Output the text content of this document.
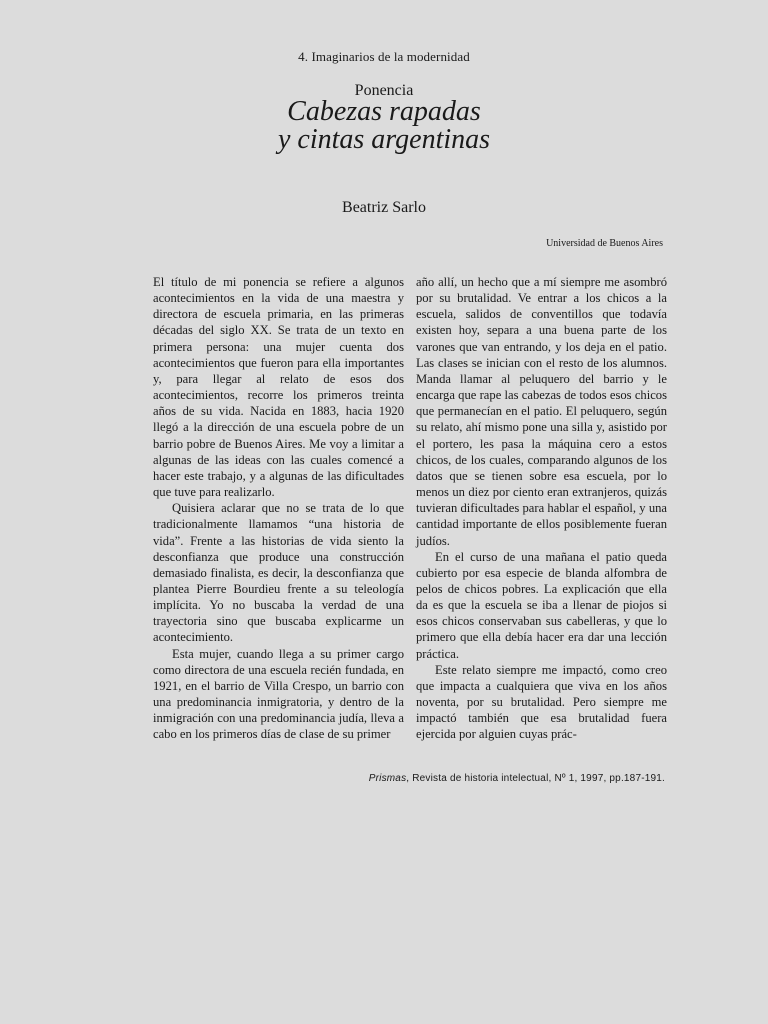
4. Imaginarios de la modernidad
Ponencia
Cabezas rapadas
y cintas argentinas
Beatriz Sarlo
Universidad de Buenos Aires

El título de mi ponencia se refiere a algunos acontecimientos en la vida de una maestra y directora de escuela primaria, en las primeras décadas del siglo XX. Se trata de un texto en primera persona: una mujer cuenta dos acontecimientos que fueron para ella importantes y, para llegar al relato de esos dos acontecimientos, recorre los primeros treinta años de su vida. Nacida en 1883, hacia 1920 llegó a la dirección de una escuela pobre de un barrio pobre de Buenos Aires. Me voy a limitar a algunas de las ideas con las cuales comencé a hacer este trabajo, y a algunas de las dificultades que tuve para realizarlo.

Quisiera aclarar que no se trata de lo que tradicionalmente llamamos “una historia de vida”. Frente a las historias de vida siento la desconfianza que produce una construcción demasiado finalista, es decir, la desconfianza que plantea Pierre Bourdieu frente a su teleología implícita. Yo no buscaba la verdad de una trayectoria sino que buscaba explicarme un acontecimiento.

Esta mujer, cuando llega a su primer cargo como directora de una escuela recién fundada, en 1921, en el barrio de Villa Crespo, un barrio con una predominancia inmigratoria, y dentro de la inmigración con una predominancia judía, lleva a cabo en los primeros días de clase de su primer

año allí, un hecho que a mí siempre me asombró por su brutalidad. Ve entrar a los chicos a la escuela, salidos de conventillos que todavía existen hoy, separa a una buena parte de los varones que van entrando, y los deja en el patio. Las clases se inician con el resto de los alumnos. Manda llamar al peluquero del barrio y le encarga que rape las cabezas de todos esos chicos que permanecían en el patio. El peluquero, según su relato, ahí mismo pone una silla y, asistido por el portero, les pasa la máquina cero a estos chicos, de los cuales, comparando algunos de los datos que se tienen sobre esa escuela, por lo menos un diez por ciento eran extranjeros, quizás tuvieran dificultades para hablar el español, y una cantidad importante de ellos posiblemente fueran judíos.

En el curso de una mañana el patio queda cubierto por esa especie de blanda alfombra de pelos de chicos pobres. La explicación que ella da es que la escuela se iba a llenar de piojos si esos chicos conservaban sus cabelleras, y que lo primero que ella debía hacer era dar una lección práctica.

Este relato siempre me impactó, como creo que impacta a cualquiera que viva en los años noventa, por su brutalidad. Pero siempre me impactó también que esa brutalidad fuera ejercida por alguien cuyas prác-

Prismas, Revista de historia intelectual, Nº 1, 1997, pp.187-191.
